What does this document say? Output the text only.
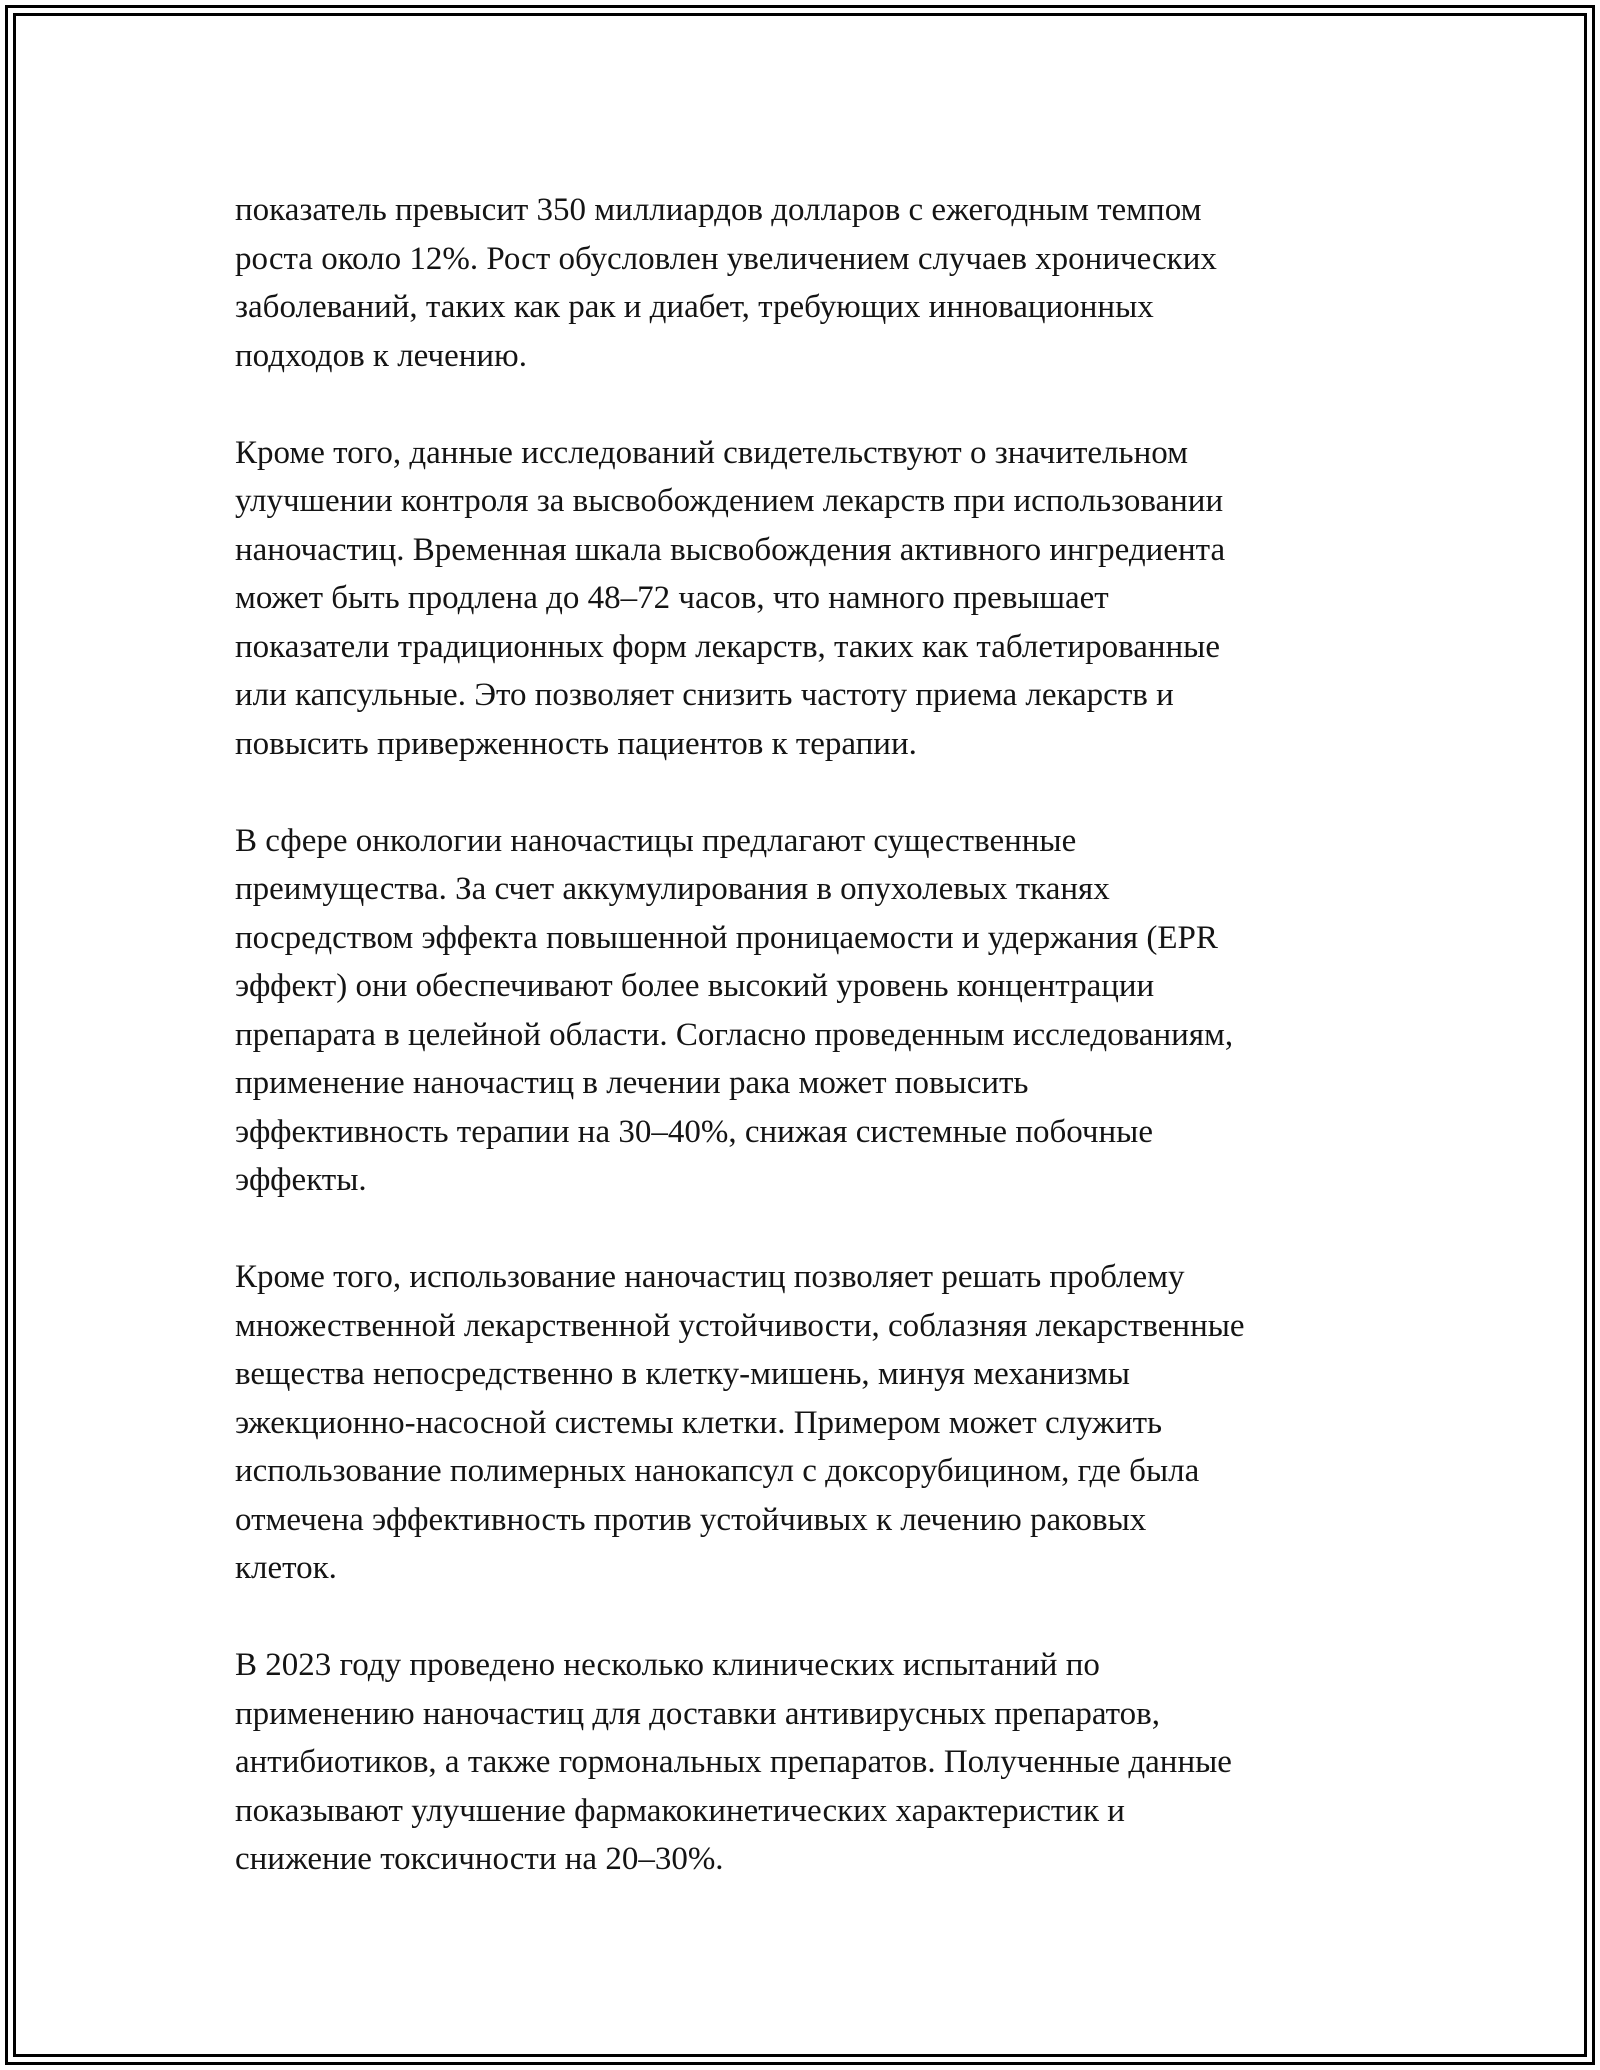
показатель превысит 350 миллиардов долларов с ежегодным темпом
роста около 12%. Рост обусловлен увеличением случаев хронических
заболеваний, таких как рак и диабет, требующих инновационных
подходов к лечению.

Кроме того, данные исследований свидетельствуют о значительном
улучшении контроля за высвобождением лекарств при использовании
наночастиц. Временная шкала высвобождения активного ингредиента
может быть продлена до 48–72 часов, что намного превышает
показатели традиционных форм лекарств, таких как таблетированные
или капсульные. Это позволяет снизить частоту приема лекарств и
повысить приверженность пациентов к терапии.

В сфере онкологии наночастицы предлагают существенные
преимущества. За счет аккумулирования в опухолевых тканях
посредством эффекта повышенной проницаемости и удержания (EPR
эффект) они обеспечивают более высокий уровень концентрации
препарата в целейной области. Согласно проведенным исследованиям,
применение наночастиц в лечении рака может повысить
эффективность терапии на 30–40%, снижая системные побочные
эффекты.

Кроме того, использование наночастиц позволяет решать проблему
множественной лекарственной устойчивости, соблазняя лекарственные
вещества непосредственно в клетку-мишень, минуя механизмы
эжекционно-насосной системы клетки. Примером может служить
использование полимерных нанокапсул с доксорубицином, где была
отмечена эффективность против устойчивых к лечению раковых
клеток.

В 2023 году проведено несколько клинических испытаний по
применению наночастиц для доставки антивирусных препаратов,
антибиотиков, а также гормональных препаратов. Полученные данные
показывают улучшение фармакокинетических характеристик и
снижение токсичности на 20–30%.
